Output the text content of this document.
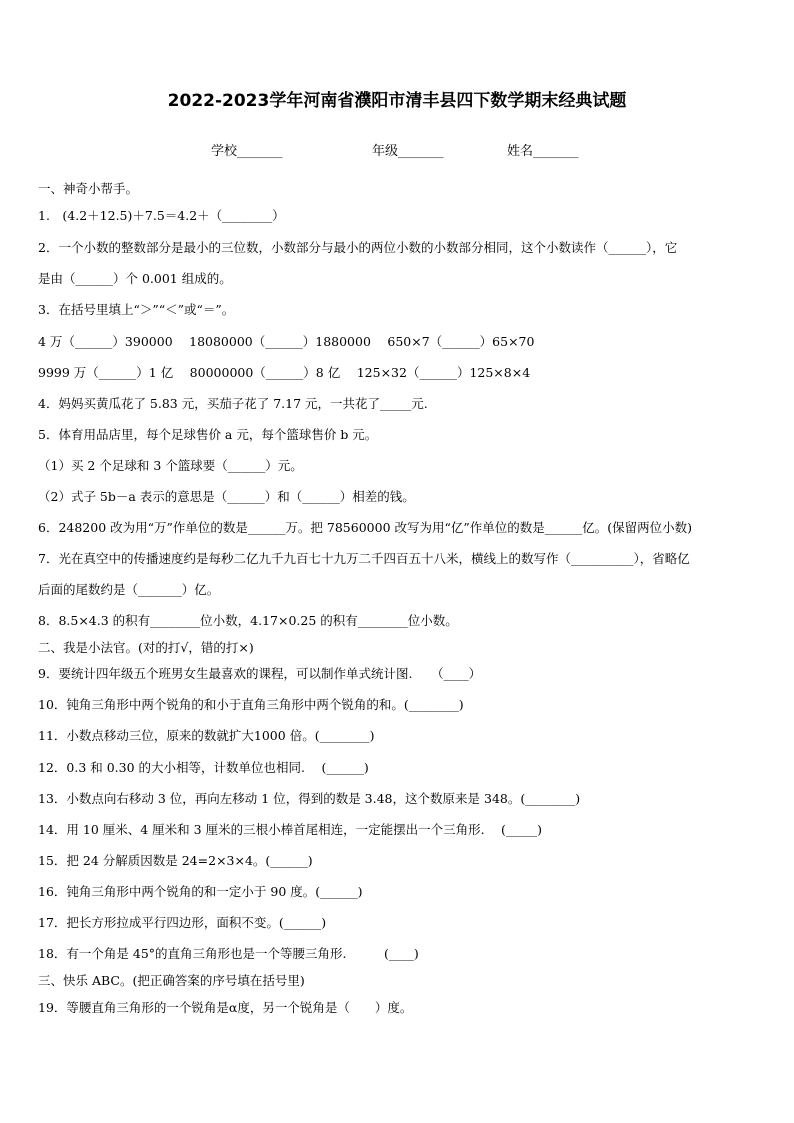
2022-2023学年河南省濮阳市清丰县四下数学期末经典试题
学校_______	年级_______	姓名_______
一、神奇小帮手。
1.　(4.2＋12.5)＋7.5＝4.2＋（________）
2．一个小数的整数部分是最小的三位数，小数部分与最小的两位小数的小数部分相同，这个小数读作（______），它
是由（______）个 0.001 组成的。
3．在括号里填上“＞”“＜”或“＝”。
4 万（______）390000　 18080000（______）1880000　 650×7（______）65×70
9999 万（______）1 亿　 80000000（______）8 亿　 125×32（______）125×8×4
4．妈妈买黄瓜花了 5.83 元，买茄子花了 7.17 元，一共花了_____元.
5．体育用品店里，每个足球售价 a 元，每个篮球售价 b 元。
（1）买 2 个足球和 3 个篮球要（______）元。
（2）式子 5b－a 表示的意思是（______）和（______）相差的钱。
6．248200 改为用“万”作单位的数是______万。把 78560000 改写为用“亿”作单位的数是______亿。(保留两位小数)
7．光在真空中的传播速度约是每秒二亿九千九百七十九万二千四百五十八米，横线上的数写作（__________），省略亿
后面的尾数约是（_______）亿。
8．8.5×4.3 的积有________位小数，4.17×0.25 的积有________位小数。
二、我是小法官。(对的打√，错的打×)
9．要统计四年级五个班男女生最喜欢的课程，可以制作单式统计图.　　（____）
10．钝角三角形中两个锐角的和小于直角三角形中两个锐角的和。(________)
11．小数点移动三位，原来的数就扩大1000 倍。(________)
12．0.3 和 0.30 的大小相等，计数单位也相同.　 (______)
13．小数点向右移动 3 位，再向左移动 1 位，得到的数是 3.48，这个数原来是 348。(________)
14．用 10 厘米、4 厘米和 3 厘米的三根小棒首尾相连，一定能摆出一个三角形.　 (_____)
15．把 24 分解质因数是 24=2×3×4。(______)
16．钝角三角形中两个锐角的和一定小于 90 度。(______)
17．把长方形拉成平行四边形，面积不变。(______)
18．有一个角是 45°的直角三角形也是一个等腰三角形.　　　(____)
三、快乐 ABC。(把正确答案的序号填在括号里)
19．等腰直角三角形的一个锐角是α度，另一个锐角是（　　）度。
